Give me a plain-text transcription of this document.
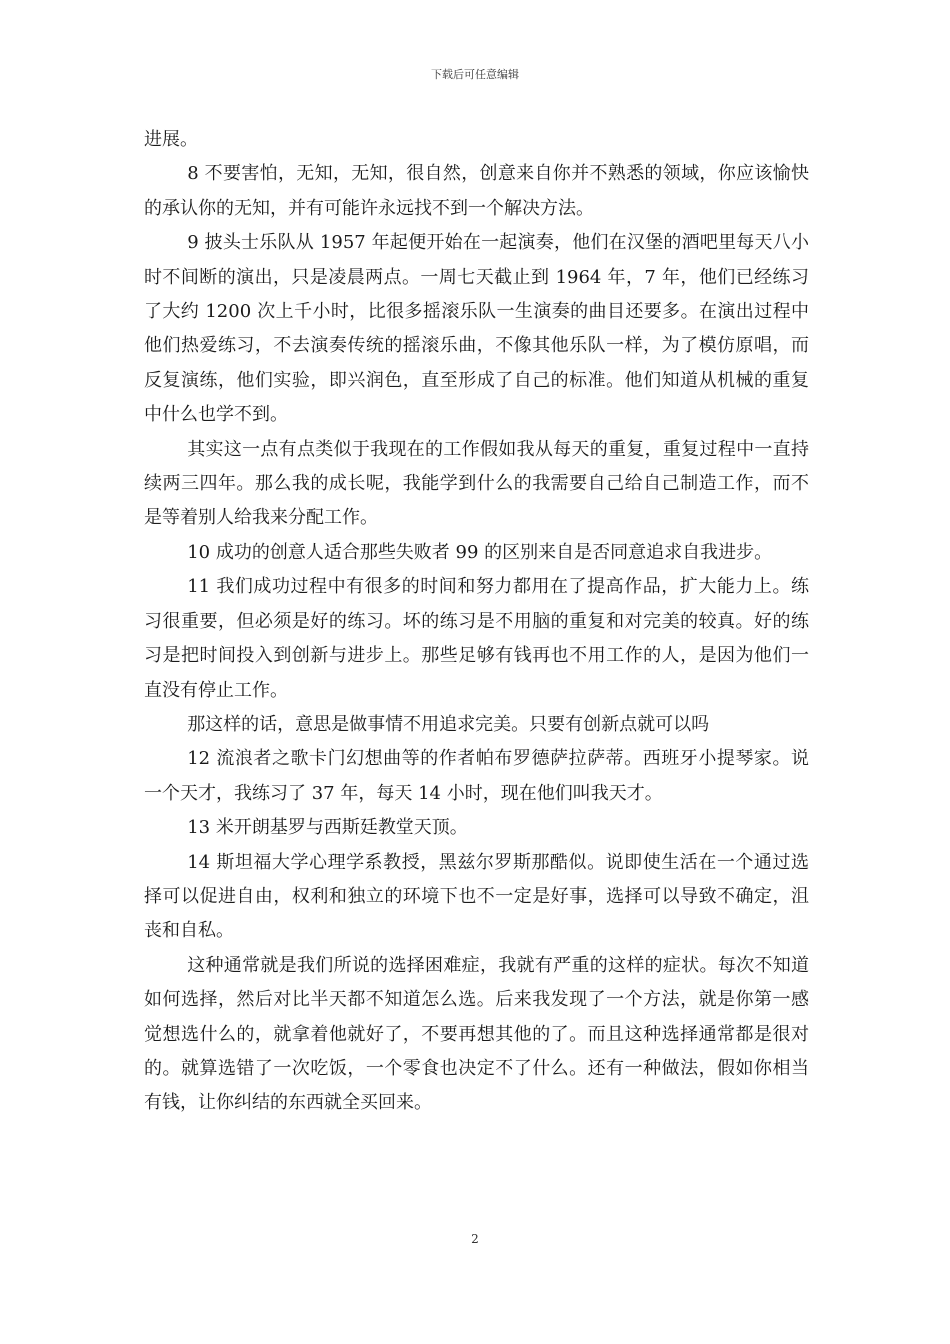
下载后可任意编辑

进展。

8 不要害怕，无知，无知，很自然，创意来自你并不熟悉的领域，你应该愉快的承认你的无知，并有可能许永远找不到一个解决方法。

9 披头士乐队从 1957 年起便开始在一起演奏，他们在汉堡的酒吧里每天八小时不间断的演出，只是凌晨两点。一周七天截止到 1964 年，7 年，他们已经练习了大约 1200 次上千小时，比很多摇滚乐队一生演奏的曲目还要多。在演出过程中他们热爱练习，不去演奏传统的摇滚乐曲，不像其他乐队一样，为了模仿原唱，而反复演练，他们实验，即兴润色，直至形成了自己的标准。他们知道从机械的重复中什么也学不到。

其实这一点有点类似于我现在的工作假如我从每天的重复，重复过程中一直持续两三四年。那么我的成长呢，我能学到什么的我需要自己给自己制造工作，而不是等着别人给我来分配工作。

10 成功的创意人适合那些失败者 99 的区别来自是否同意追求自我进步。

11 我们成功过程中有很多的时间和努力都用在了提高作品，扩大能力上。练习很重要，但必须是好的练习。坏的练习是不用脑的重复和对完美的较真。好的练习是把时间投入到创新与进步上。那些足够有钱再也不用工作的人，是因为他们一直没有停止工作。

那这样的话，意思是做事情不用追求完美。只要有创新点就可以吗

12 流浪者之歌卡门幻想曲等的作者帕布罗德萨拉萨蒂。西班牙小提琴家。说一个天才，我练习了 37 年，每天 14 小时，现在他们叫我天才。

13 米开朗基罗与西斯廷教堂天顶。

14 斯坦福大学心理学系教授，黑兹尔罗斯那酷似。说即使生活在一个通过选择可以促进自由，权利和独立的环境下也不一定是好事，选择可以导致不确定，沮丧和自私。

这种通常就是我们所说的选择困难症，我就有严重的这样的症状。每次不知道如何选择，然后对比半天都不知道怎么选。后来我发现了一个方法，就是你第一感觉想选什么的，就拿着他就好了，不要再想其他的了。而且这种选择通常都是很对的。就算选错了一次吃饭，一个零食也决定不了什么。还有一种做法，假如你相当有钱，让你纠结的东西就全买回来。

2
